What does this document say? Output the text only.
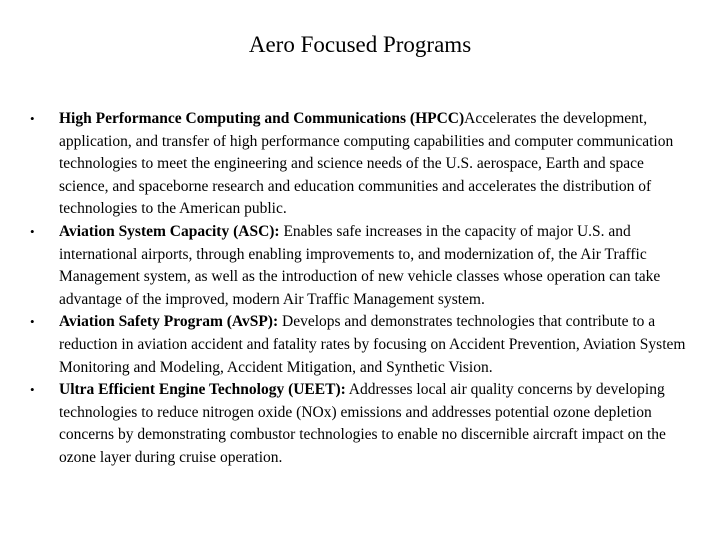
Aero Focused Programs
• High Performance Computing and Communications (HPCC)Accelerates the development, application, and transfer of high performance computing capabilities and computer communication technologies to meet the engineering and science needs of the U.S. aerospace, Earth and space science, and spaceborne research and education communities and accelerates the distribution of technologies to the American public.
• Aviation System Capacity (ASC): Enables safe increases in the capacity of major U.S. and international airports, through enabling improvements to, and modernization of, the Air Traffic Management system, as well as the introduction of new vehicle classes whose operation can take advantage of the improved, modern Air Traffic Management system.
• Aviation Safety Program (AvSP): Develops and demonstrates technologies that contribute to a reduction in aviation accident and fatality rates by focusing on Accident Prevention, Aviation System Monitoring and Modeling, Accident Mitigation, and Synthetic Vision.
• Ultra Efficient Engine Technology (UEET): Addresses local air quality concerns by developing technologies to reduce nitrogen oxide (NOx) emissions and addresses potential ozone depletion concerns by demonstrating combustor technologies to enable no discernible aircraft impact on the ozone layer during cruise operation.
